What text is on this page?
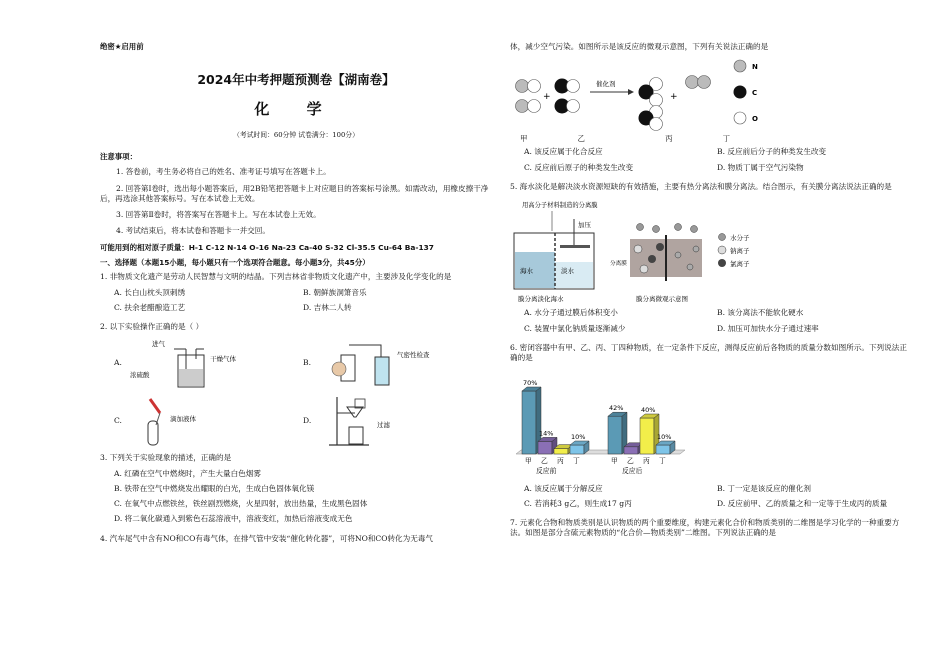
绝密★启用前
2024年中考押题预测卷【湖南卷】
化 学
（考试时间：60分钟 试卷满分：100分）
注意事项：
1. 答卷前，考生务必将自己的姓名、准考证号填写在答题卡上。
2. 回答第Ⅰ卷时，选出每小题答案后，用2B铅笔把答题卡上对应题目的答案标号涂黑。如需改动，用橡皮擦干净后，再选涂其他答案标号。写在本试卷上无效。
3. 回答第Ⅱ卷时，将答案写在答题卡上。写在本试卷上无效。
4. 考试结束后，将本试卷和答题卡一并交回。
可能用到的相对原子质量：H-1 C-12 N-14 O-16 Na-23 Ca-40 S-32 Cl-35.5 Cu-64 Ba-137
一、选择题（本题15小题，每小题只有一个选项符合题意。每小题3分，共45分）
1. 非物质文化遗产是劳动人民智慧与文明的结晶。下列吉林省非物质文化遗产中，主要涉及化学变化的是
A. 长白山枕头顶刺绣	B. 朝鲜族洞箫音乐
C. 扶余老醋酿造工艺	D. 吉林二人转
2. 以下实验操作正确的是（ ）
A.
进气
浓硫酸
干燥气体	B.
气密性检查
C.	滴加液体	D.
过滤
3. 下列关于实验现象的描述，正确的是
A. 红磷在空气中燃烧时，产生大量白色烟雾
B. 铁带在空气中燃烧发出耀眼的白光，生成白色固体氧化镁
C. 在氧气中点燃铁丝，铁丝剧烈燃烧，火星四射，放出热量，生成黑色固体
D. 将二氧化碳通入到紫色石蕊溶液中，溶液变红，加热后溶液变成无色
4. 汽车尾气中含有NO和CO有毒气体，在排气管中安装“催化转化器”，可将NO和CO转化为无毒气
体，减少空气污染。如图所示是该反应的微观示意图，下列有关说法正确的是
+
催化剂
+
N
C
O
甲	乙	丙	丁
A. 该反应属于化合反应	B. 反应前后分子的种类发生改变
C. 反应前后原子的种类发生改变	D. 物质丁属于空气污染物
5. 海水淡化是解决淡水资源短缺的有效措施，主要有热分离法和膜分离法。结合图示，有关膜分离法说法正确的是
用高分子材料制造的分离膜
加压
海水	淡水
膜分离淡化海水
分离膜
膜分离微观示意图
水分子
钠离子
氯离子
A. 水分子通过膜后体积变小	B. 该分离法不能软化硬水
C. 装置中氯化钠质量逐渐减少	D. 加压可加快水分子通过速率
6. 密闭容器中有甲、乙、丙、丁四种物质，在一定条件下反应，测得反应前后各物质的质量分数如图所示。下列说法正确的是
70%
甲
14%
乙 丙
10%
丁
反应前
42%
甲 乙
40%
丙
10%
丁
反应后
A. 该反应属于分解反应	B. 丁一定是该反应的催化剂
C. 若消耗3 g乙，则生成17 g丙	D. 反应前甲、乙的质量之和一定等于生成丙的质量
7. 元素化合物和物质类别是认识物质的两个重要维度，构建元素化合价和物质类别的二维图是学习化学的一种重要方法。如图是部分含硫元素物质的“化合价—物质类别”二维图。下列说法正确的是
